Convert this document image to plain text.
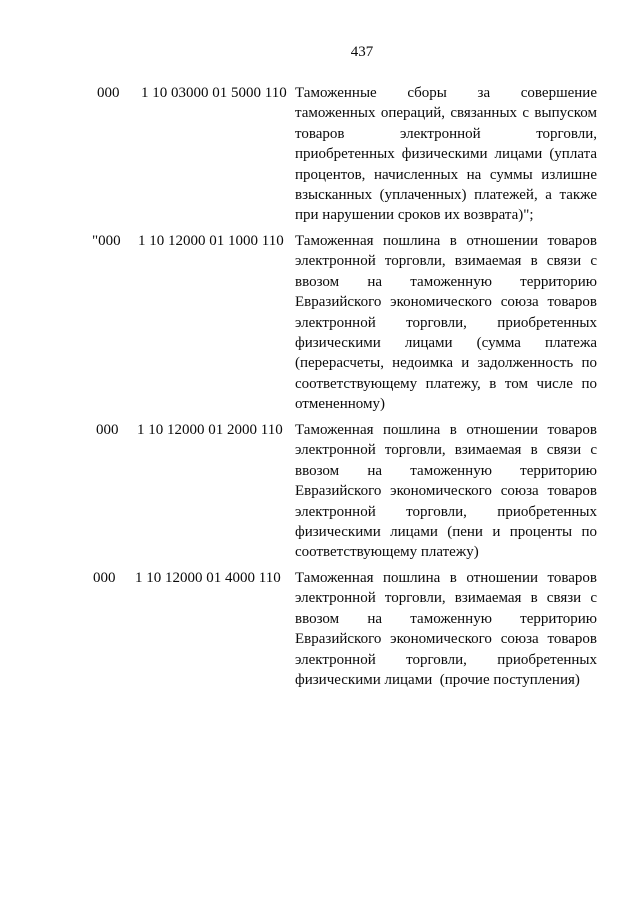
437
000 1 10 03000 01 5000 110 Таможенные сборы за совершение
таможенных операций, связанных с выпуском
товаров электронной торговли,
приобретенных физическими лицами (уплата
процентов, начисленных на суммы излишне
взысканных (уплаченных) платежей, а также
при нарушении сроков их возврата)";
"000 1 10 12000 01 1000 110 Таможенная пошлина в отношении товаров
электронной торговли, взимаемая в связи с
ввозом на таможенную территорию
Евразийского экономического союза товаров
электронной торговли, приобретенных
физическими лицами (сумма платежа
(перерасчеты, недоимка и задолженность по
соответствующему платежу, в том числе по
отмененному)
000 1 10 12000 01 2000 110 Таможенная пошлина в отношении товаров
электронной торговли, взимаемая в связи с
ввозом на таможенную территорию
Евразийского экономического союза товаров
электронной торговли, приобретенных
физическими лицами (пени и проценты по
соответствующему платежу)
000 1 10 12000 01 4000 110 Таможенная пошлина в отношении товаров
электронной торговли, взимаемая в связи с
ввозом на таможенную территорию
Евразийского экономического союза товаров
электронной торговли, приобретенных
физическими лицами  (прочие поступления)
